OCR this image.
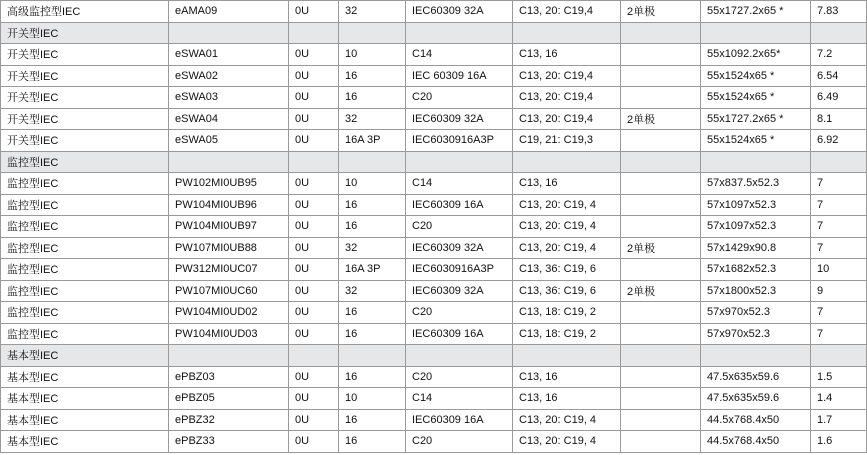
高级监控型IEC	eAMA09	0U	32	IEC60309 32A	C13, 20: C19,4	2单极	55x1727.2x65 *	7.83
开关型IEC								
开关型IEC	eSWA01	0U	10	C14	C13, 16		55x1092.2x65*	7.2
开关型IEC	eSWA02	0U	16	IEC 60309 16A	C13, 20: C19,4		55x1524x65 *	6.54
开关型IEC	eSWA03	0U	16	C20	C13, 20: C19,4		55x1524x65 *	6.49
开关型IEC	eSWA04	0U	32	IEC60309 32A	C13, 20: C19,4	2单极	55x1727.2x65 *	8.1
开关型IEC	eSWA05	0U	16A 3P	IEC6030916A3P	C19, 21: C19,3		55x1524x65 *	6.92
监控型IEC								
监控型IEC	PW102MI0UB95	0U	10	C14	C13, 16		57x837.5x52.3	7
监控型IEC	PW104MI0UB96	0U	16	IEC60309 16A	C13, 20: C19, 4		57x1097x52.3	7
监控型IEC	PW104MI0UB97	0U	16	C20	C13, 20: C19, 4		57x1097x52.3	7
监控型IEC	PW107MI0UB88	0U	32	IEC60309 32A	C13, 20: C19, 4	2单极	57x1429x90.8	7
监控型IEC	PW312MI0UC07	0U	16A 3P	IEC6030916A3P	C13, 36: C19, 6		57x1682x52.3	10
监控型IEC	PW107MI0UC60	0U	32	IEC60309 32A	C13, 36: C19, 6	2单极	57x1800x52.3	9
监控型IEC	PW104MI0UD02	0U	16	C20	C13, 18: C19, 2		57x970x52.3	7
监控型IEC	PW104MI0UD03	0U	16	IEC60309 16A	C13, 18: C19, 2		57x970x52.3	7
基本型IEC								
基本型IEC	ePBZ03	0U	16	C20	C13, 16		47.5x635x59.6	1.5
基本型IEC	ePBZ05	0U	10	C14	C13, 16		47.5x635x59.6	1.4
基本型IEC	ePBZ32	0U	16	IEC60309 16A	C13, 20: C19, 4		44.5x768.4x50	1.7
基本型IEC	ePBZ33	0U	16	C20	C13, 20: C19, 4		44.5x768.4x50	1.6
